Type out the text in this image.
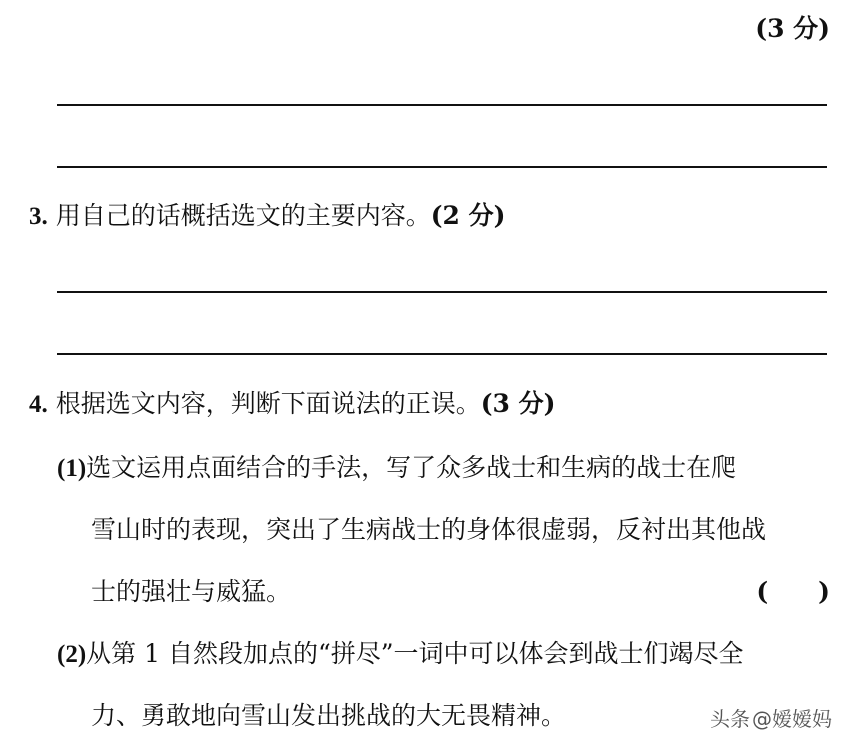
(3 分)
3. 用自己的话概括选文的主要内容。(2 分)
4. 根据选文内容，判断下面说法的正误。(3 分)
(1)选文运用点面结合的手法，写了众多战士和生病的战士在爬
雪山时的表现，突出了生病战士的身体很虚弱，反衬出其他战
士的强壮与威猛。	(　　)
(2)从第 1 自然段加点的“拼尽”一词中可以体会到战士们竭尽全
力、勇敢地向雪山发出挑战的大无畏精神。	头条 @嫒嫒妈
